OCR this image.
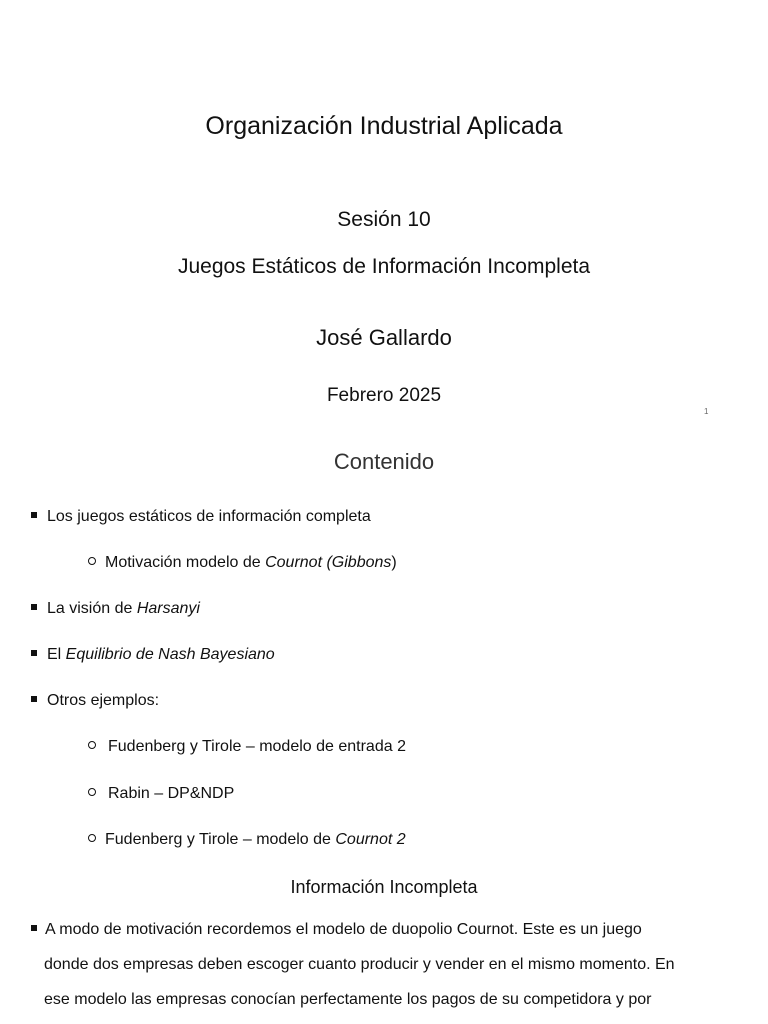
Organización Industrial Aplicada
Sesión 10
Juegos Estáticos de Información Incompleta
José Gallardo
Febrero 2025
1
Contenido
Los juegos estáticos de información completa
Motivación modelo de Cournot (Gibbons)
La visión de Harsanyi
El Equilibrio de Nash Bayesiano
Otros ejemplos:
Fudenberg y Tirole – modelo de entrada 2
Rabin – DP&NDP
Fudenberg y Tirole – modelo de Cournot 2
Información Incompleta
A modo de motivación recordemos el modelo de duopolio Cournot. Este es un juego
donde dos empresas deben escoger cuanto producir y vender en el mismo momento. En
ese modelo las empresas conocían perfectamente los pagos de su competidora y por
